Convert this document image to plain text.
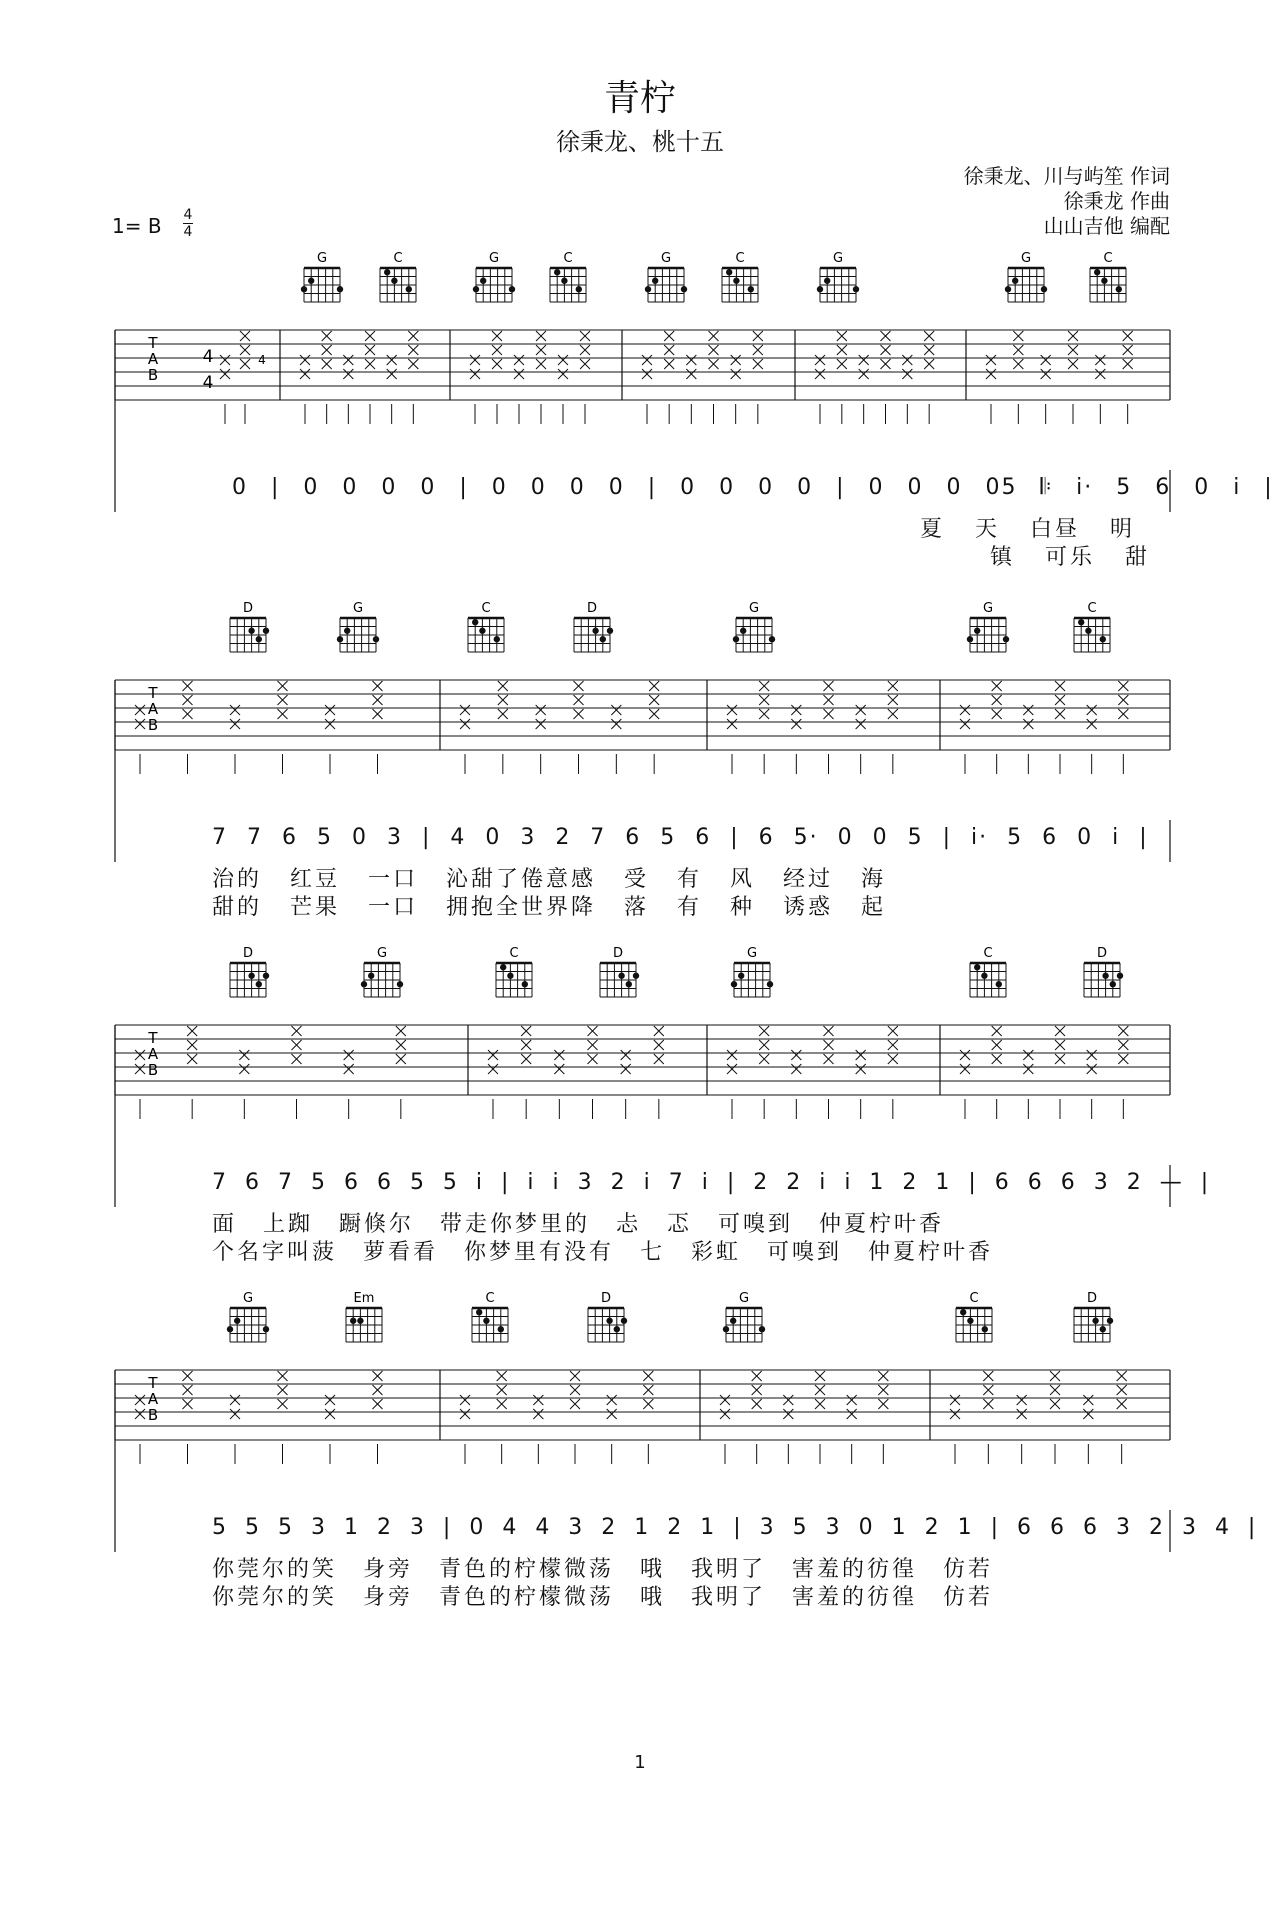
青柠
徐秉龙、桃十五
徐秉龙、川与屿笙 作词
徐秉龙 作曲
山山吉他 编配
1= B 4
4
T
A
B
4
4
4
G	C	G	C	G	C	G	G	C
0 | 0 0 0 0 | 0 0 0 0 | 0 0 0 0 | 0 0 0 05 𝄆 i· 5 6 0 i |
夏 天 白昼 明
镇 可乐 甜
T
A
B
D	G	C	D	G	G	C
7 7 6 5 0 3 | 4 0 3 2 7 6 5 6 | 6 5· 0 0 5 | i· 5 6 0 i |
治的 红豆 一口 沁甜了倦意感 受 有 风 经过 海
甜的 芒果 一口 拥抱全世界降 落 有 种 诱惑 起
T
A
B
D	G	C	D	G	C	D
7 6 7 5 6 6 5 5 i | i i 3 2 i 7 i | 2 2 i i 1 2 1 | 6 6 6 3 2 — |
面 上踟 蹰倏尔 带走你梦里的 忐 忑 可嗅到 仲夏柠叶香
个名字叫菠 萝看看 你梦里有没有 七 彩虹 可嗅到 仲夏柠叶香
T
A
B
G	Em	C	D	G	C	D
5 5 5 3 1 2 3 | 0 4 4 3 2 1 2 1 | 3 5 3 0 1 2 1 | 6 6 6 3 2 3 4 |
你莞尔的笑 身旁 青色的柠檬微荡 哦 我明了 害羞的彷徨 仿若
你莞尔的笑 身旁 青色的柠檬微荡 哦 我明了 害羞的彷徨 仿若
1
